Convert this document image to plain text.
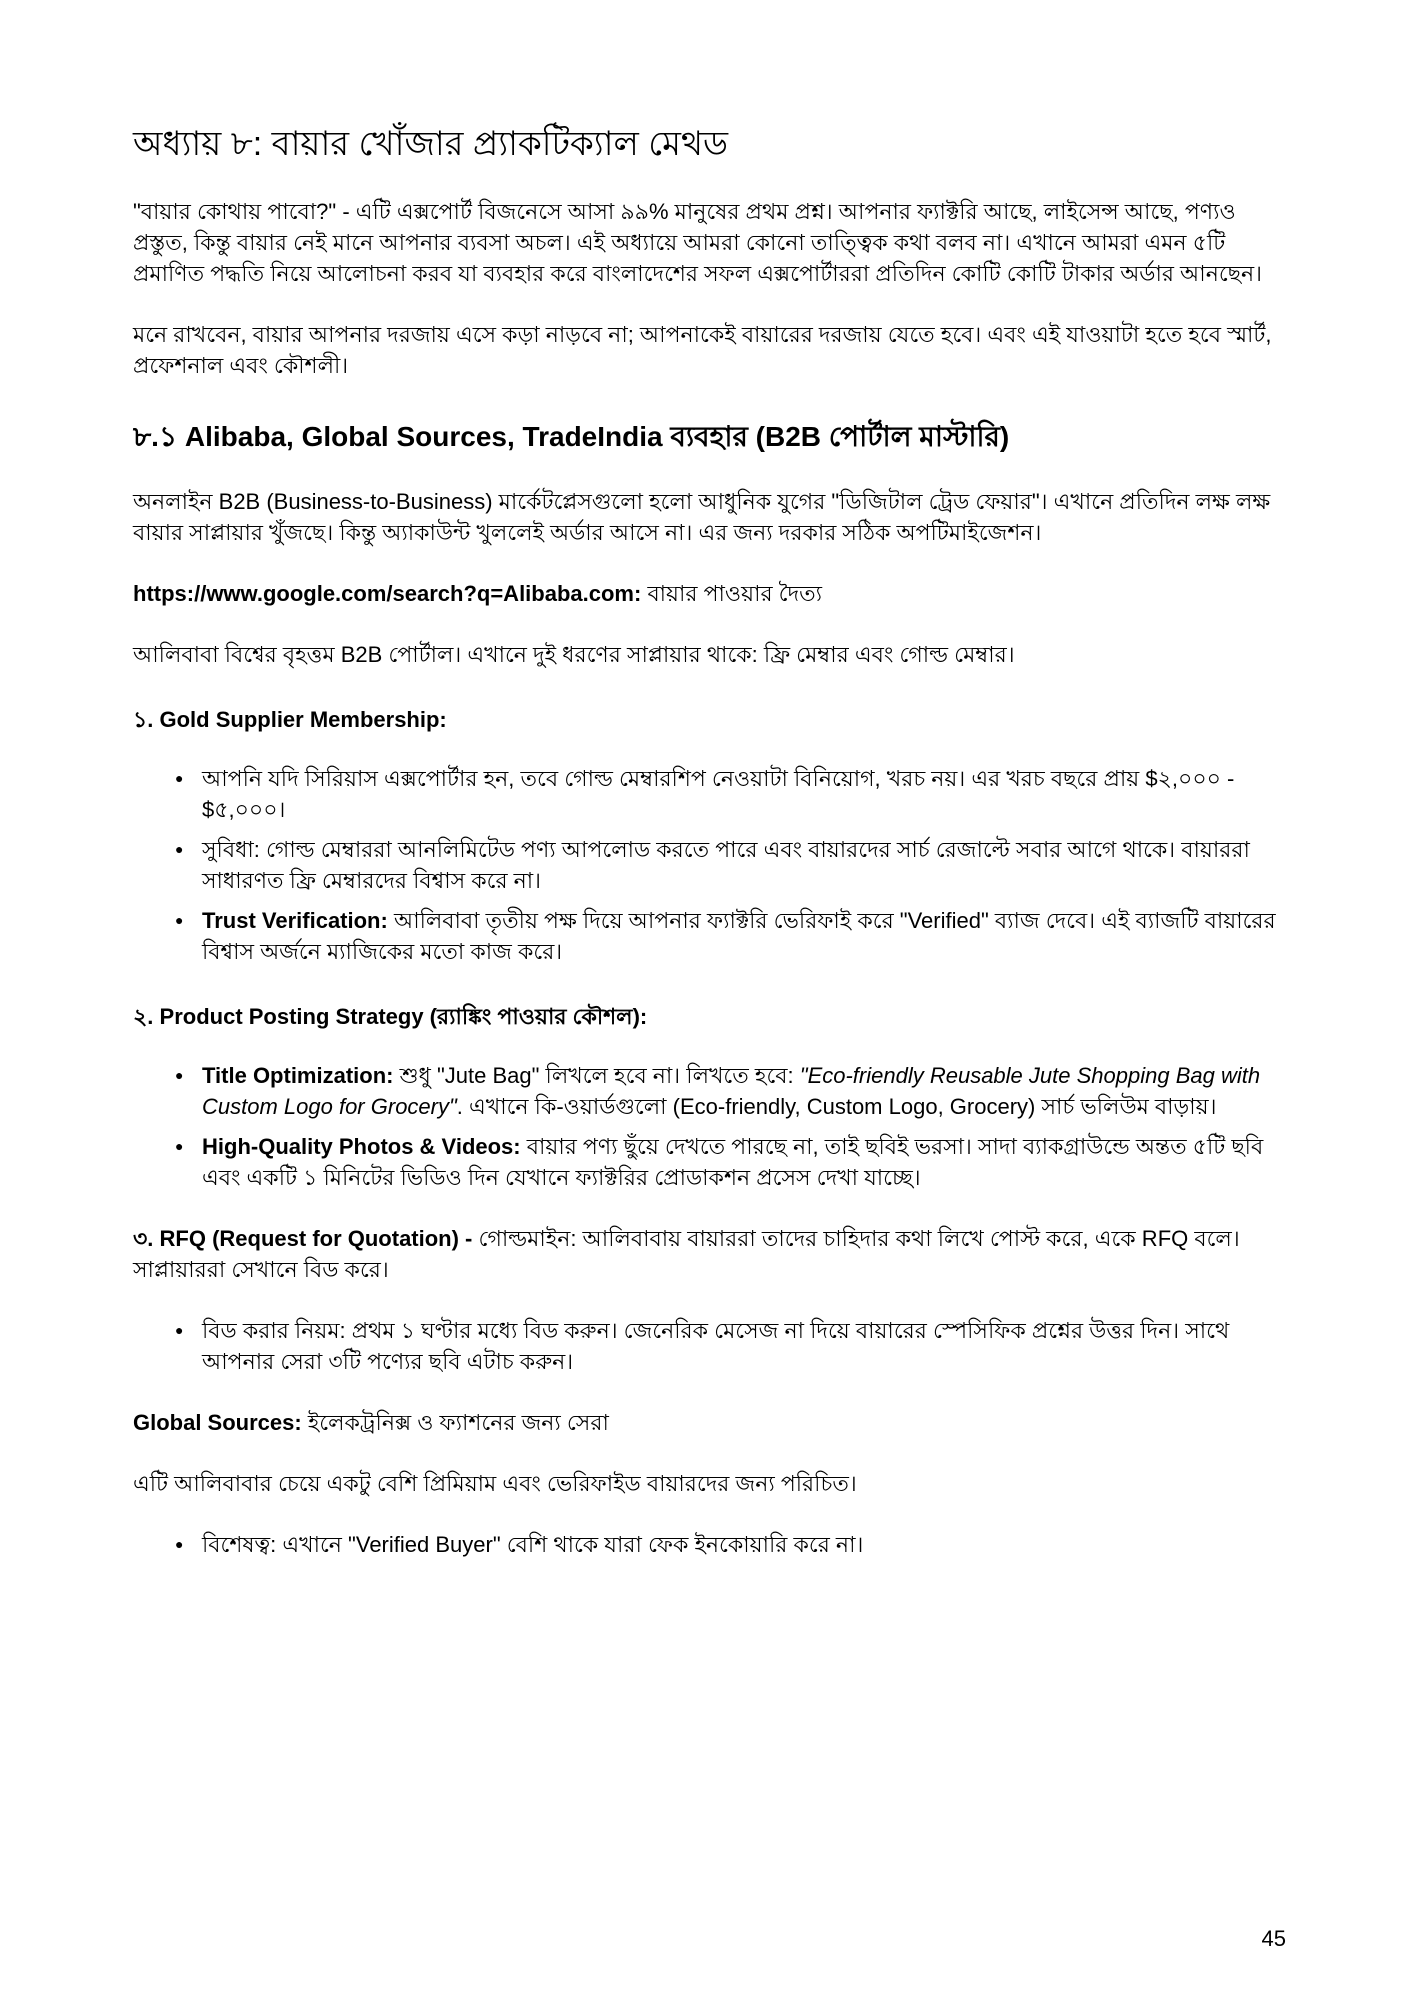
অধ্যায় ৮: বায়ার খোঁজার প্র্যাকটিক্যাল মেথড

"বায়ার কোথায় পাবো?" - এটি এক্সপোর্ট বিজনেসে আসা ৯৯% মানুষের প্রথম প্রশ্ন। আপনার ফ্যাক্টরি আছে, লাইসেন্স আছে, পণ্যও প্রস্তুত, কিন্তু বায়ার নেই মানে আপনার ব্যবসা অচল। এই অধ্যায়ে আমরা কোনো তাত্ত্বিক কথা বলব না। এখানে আমরা এমন ৫টি প্রমাণিত পদ্ধতি নিয়ে আলোচনা করব যা ব্যবহার করে বাংলাদেশের সফল এক্সপোর্টাররা প্রতিদিন কোটি কোটি টাকার অর্ডার আনছেন।

মনে রাখবেন, বায়ার আপনার দরজায় এসে কড়া নাড়বে না; আপনাকেই বায়ারের দরজায় যেতে হবে। এবং এই যাওয়াটা হতে হবে স্মার্ট, প্রফেশনাল এবং কৌশলী।

৮.১ Alibaba, Global Sources, TradeIndia ব্যবহার (B2B পোর্টাল মাস্টারি)

অনলাইন B2B (Business-to-Business) মার্কেটপ্লেসগুলো হলো আধুনিক যুগের "ডিজিটাল ট্রেড ফেয়ার"। এখানে প্রতিদিন লক্ষ লক্ষ বায়ার সাপ্লায়ার খুঁজছে। কিন্তু অ্যাকাউন্ট খুললেই অর্ডার আসে না। এর জন্য দরকার সঠিক অপটিমাইজেশন।

https://www.google.com/search?q=Alibaba.com: বায়ার পাওয়ার দৈত্য

আলিবাবা বিশ্বের বৃহত্তম B2B পোর্টাল। এখানে দুই ধরণের সাপ্লায়ার থাকে: ফ্রি মেম্বার এবং গোল্ড মেম্বার।

১. Gold Supplier Membership:
● আপনি যদি সিরিয়াস এক্সপোর্টার হন, তবে গোল্ড মেম্বারশিপ নেওয়াটা বিনিয়োগ, খরচ নয়। এর খরচ বছরে প্রায় $২,০০০ - $৫,০০০।
● সুবিধা: গোল্ড মেম্বাররা আনলিমিটেড পণ্য আপলোড করতে পারে এবং বায়ারদের সার্চ রেজাল্টে সবার আগে থাকে। বায়াররা সাধারণত ফ্রি মেম্বারদের বিশ্বাস করে না।
● Trust Verification: আলিবাবা তৃতীয় পক্ষ দিয়ে আপনার ফ্যাক্টরি ভেরিফাই করে "Verified" ব্যাজ দেবে। এই ব্যাজটি বায়ারের বিশ্বাস অর্জনে ম্যাজিকের মতো কাজ করে।
২. Product Posting Strategy (র‍্যাঙ্কিং পাওয়ার কৌশল):
● Title Optimization: শুধু "Jute Bag" লিখলে হবে না। লিখতে হবে: "Eco-friendly Reusable Jute Shopping Bag with Custom Logo for Grocery". এখানে কি-ওয়ার্ডগুলো (Eco-friendly, Custom Logo, Grocery) সার্চ ভলিউম বাড়ায়।
● High-Quality Photos & Videos: বায়ার পণ্য ছুঁয়ে দেখতে পারছে না, তাই ছবিই ভরসা। সাদা ব্যাকগ্রাউন্ডে অন্তত ৫টি ছবি এবং একটি ১ মিনিটের ভিডিও দিন যেখানে ফ্যাক্টরির প্রোডাকশন প্রসেস দেখা যাচ্ছে।

৩. RFQ (Request for Quotation) - গোল্ডমাইন: আলিবাবায় বায়াররা তাদের চাহিদার কথা লিখে পোস্ট করে, একে RFQ বলে। সাপ্লায়াররা সেখানে বিড করে।

● বিড করার নিয়ম: প্রথম ১ ঘণ্টার মধ্যে বিড করুন। জেনেরিক মেসেজ না দিয়ে বায়ারের স্পেসিফিক প্রশ্নের উত্তর দিন। সাথে আপনার সেরা ৩টি পণ্যের ছবি এটাচ করুন।

Global Sources: ইলেকট্রনিক্স ও ফ্যাশনের জন্য সেরা

এটি আলিবাবার চেয়ে একটু বেশি প্রিমিয়াম এবং ভেরিফাইড বায়ারদের জন্য পরিচিত।

● বিশেষত্ব: এখানে "Verified Buyer" বেশি থাকে যারা ফেক ইনকোয়ারি করে না।
45
